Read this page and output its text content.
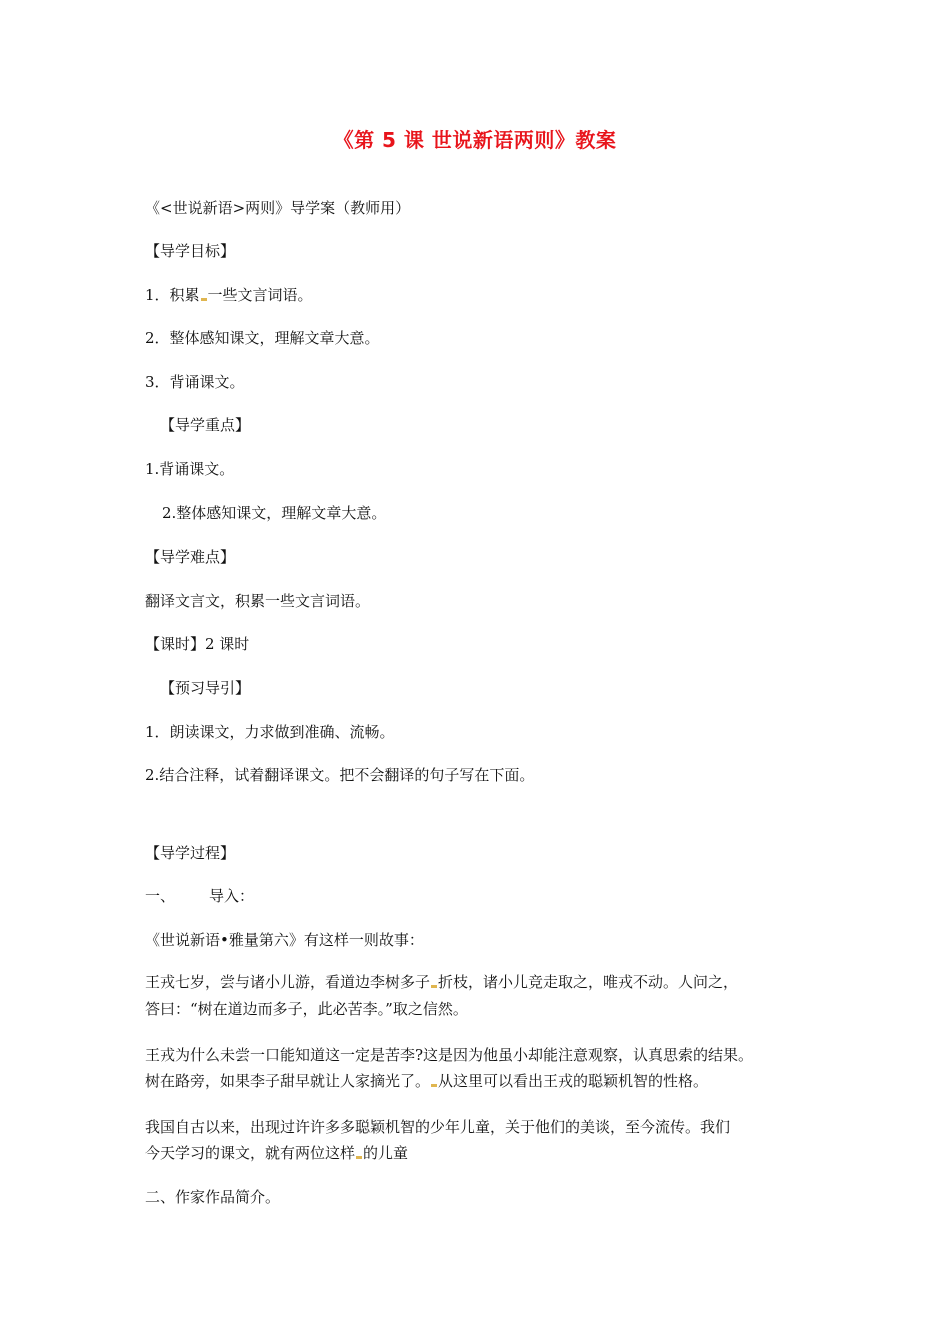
《第 5 课 世说新语两则》教案
《<世说新语>两则》导学案（教师用）
【导学目标】
1．积累 一些文言词语。
2．整体感知课文，理解文章大意。
3．背诵课文。
【导学重点】
1.背诵课文。
2.整体感知课文，理解文章大意。
【导学难点】
翻译文言文，积累一些文言词语。
【课时】2 课时
【预习导引】
1．朗读课文，力求做到准确、流畅。
2.结合注释，试着翻译课文。把不会翻译的句子写在下面。
【导学过程】
一、 导入：
《世说新语•雅量第六》有这样一则故事：
王戎七岁，尝与诸小儿游，看道边李树多子 折枝，诸小儿竞走取之，唯戎不动。人问之，
答曰：“树在道边而多子，此必苦李。”取之信然。
王戎为什么未尝一口能知道这一定是苦李?这是因为他虽小却能注意观察，认真思索的结果。
树在路旁，如果李子甜早就让人家摘光了。 从这里可以看出王戎的聪颖机智的性格。
我国自古以来，出现过许许多多聪颖机智的少年儿童，关于他们的美谈，至今流传。我们
今天学习的课文，就有两位这样 的儿童
二、作家作品简介。
